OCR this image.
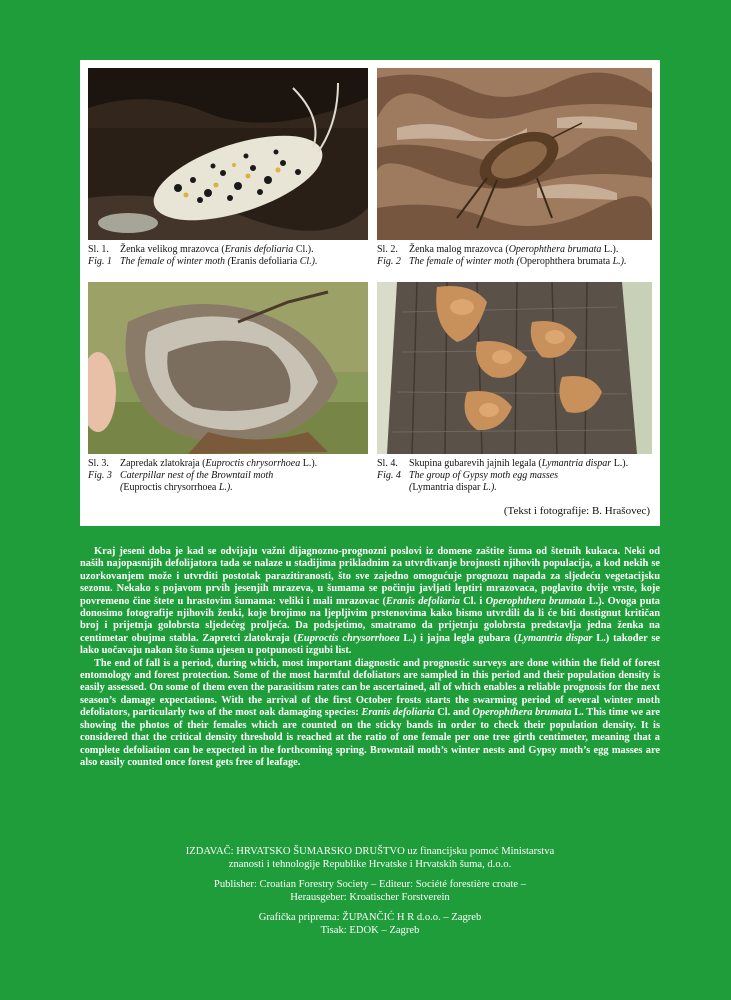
Sl. 1.	Ženka velikog mrazovca (Eranis defoliaria Cl.).
Fig. 1 The female of winter moth (Eranis defoliaria Cl.).
Sl. 2.	Ženka malog mrazovca (Operophthera brumata L.).
Fig. 2 The female of winter moth (Operophthera brumata L.).
Sl. 3.	Zapredak zlatokraja (Euproctis chrysorrhoea L.).
Fig. 3 Caterpillar nest of the Browntail moth
(Euproctis chrysorrhoea L.).
Sl. 4.	Skupina gubarevih jajnih legala (Lymantria dispar L.).
Fig. 4 The group of Gypsy moth egg masses
(Lymantria dispar L.).
(Tekst i fotografije: B. Hrašovec)

Kraj jeseni doba je kad se odvijaju važni dijagnozno-prognozni poslovi iz domene zaštite šuma od štetnih kukaca. Neki od naših najopasnijih defolijatora tada se nalaze u stadijima prikladnim za utvrđivanje brojnosti njihovih populacija, a kod nekih se uzorkovanjem može i utvrditi postotak parazitiranosti, što sve zajedno omogućuje prognozu napada za sljedeću vegetacijsku sezonu. Nekako s pojavom prvih jesenjih mrazeva, u šumama se počinju javljati leptiri mrazovaca, poglavito dvije vrste, koje povremeno čine štete u hrastovim šumama: veliki i mali mrazovac (Eranis defoliaria Cl. i Operophthera brumata L.). Ovoga puta donosimo fotografije njihovih ženki, koje brojimo na ljepljivim prstenovima kako bismo utvrdili da li će biti dostignut kritičan broj i prijetnja golobrsta sljedećeg proljeća. Da podsjetimo, smatramo da prijetnju golobrsta predstavlja jedna ženka na centimetar obujma stabla. Zapretci zlatokraja (Euproctis chrysorrhoea L.) i jajna legla gubara (Lymantria dispar L.) također se lako uočavaju nakon što šuma ujesen u potpunosti izgubi list.

The end of fall is a period, during which, most important diagnostic and prognostic surveys are done within the field of forest entomology and forest protection. Some of the most harmful defoliators are sampled in this period and their population density is easily assessed. On some of them even the parasitism rates can be ascertained, all of which enables a reliable prognosis for the next season’s damage expectations. With the arrival of the first October frosts starts the swarming period of several winter moth defoliators, particularly two of the most oak damaging species: Eranis defoliaria Cl. and Operophthera brumata L. This time we are showing the photos of their females which are counted on the sticky bands in order to check their population density. It is considered that the critical density threshold is reached at the ratio of one female per one tree girth centimeter, meaning that a complete defoliation can be expected in the forthcoming spring. Browntail moth’s winter nests and Gypsy moth’s egg masses are also easily counted once forest gets free of leafage.

IZDAVAČ: HRVATSKO ŠUMARSKO DRUŠTVO uz financijsku pomoć Ministarstva
znanosti i tehnologije Republike Hrvatske i Hrvatskih šuma, d.o.o.
Publisher: Croatian Forestry Society – Editeur: Société forestière croate –
Herausgeber: Kroatischer Forstverein
Grafička priprema: ŽUPANČIĆ H R d.o.o. – Zagreb
Tisak: EDOK – Zagreb
